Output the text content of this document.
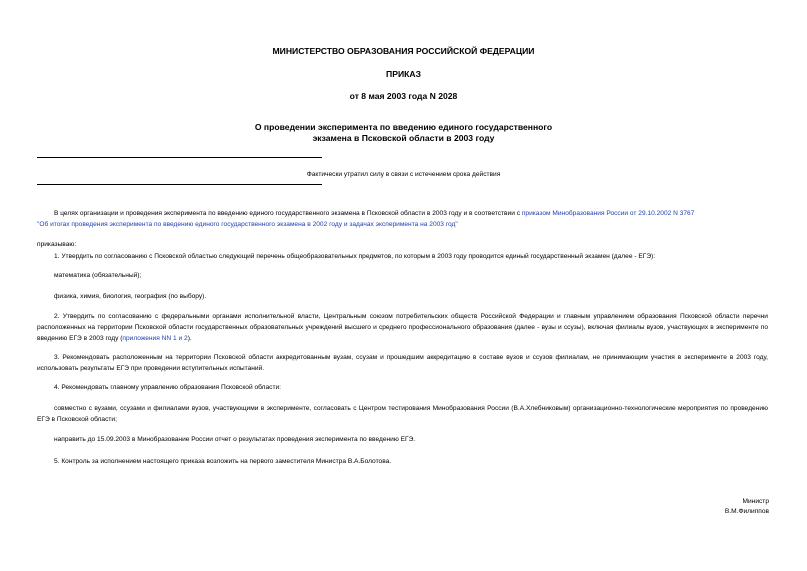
МИНИСТЕРСТВО ОБРАЗОВАНИЯ РОССИЙСКОЙ ФЕДЕРАЦИИ
ПРИКАЗ
от 8 мая 2003 года N 2028
О проведении эксперимента по введению единого государственного
экзамена в Псковской области в 2003 году
Фактически утратил силу в связи с истечением срока действия
В целях организации и проведения эксперимента по введению единого государственного экзамена в Псковской области в 2003 году и в соответствии с приказом Минобразования России от 29.10.2002 N 3767
"Об итогах проведения эксперимента по введению единого государственного экзамена в 2002 году и задачах эксперимента на 2003 год"
приказываю:
1. Утвердить по согласованию с Псковской областью следующий перечень общеобразовательных предметов, по которым в 2003 году проводится единый государственный экзамен (далее - ЕГЭ):
математика (обязательный);
физика, химия, биология, география (по выбору).
2. Утвердить по согласованию с федеральными органами исполнительной власти, Центральным союзом потребительских обществ Российской Федерации и главным управлением образования Псковской области перечни расположенных на территории Псковской области государственных образовательных учреждений высшего и среднего профессионального образования (далее - вузы и ссузы), включая филиалы вузов, участвующих в эксперименте по введению ЕГЭ в 2003 году (приложения NN 1 и 2).
3. Рекомендовать расположенным на территории Псковской области аккредитованным вузам, ссузам и прошедшим аккредитацию в составе вузов и ссузов филиалам, не принимающим участия в эксперименте в 2003 году, использовать результаты ЕГЭ при проведении вступительных испытаний.
4. Рекомендовать главному управлению образования Псковской области:
совместно с вузами, ссузами и филиалами вузов, участвующими в эксперименте, согласовать с Центром тестирования Минобразования России (В.А.Хлебниковым) организационно-технологические мероприятия по проведению ЕГЭ в Псковской области;
направить до 15.09.2003 в Минобразование России отчет о результатах проведения эксперимента по введению ЕГЭ.
5. Контроль за исполнением настоящего приказа возложить на первого заместителя Министра В.А.Болотова.
Министр
В.М.Филиппов
